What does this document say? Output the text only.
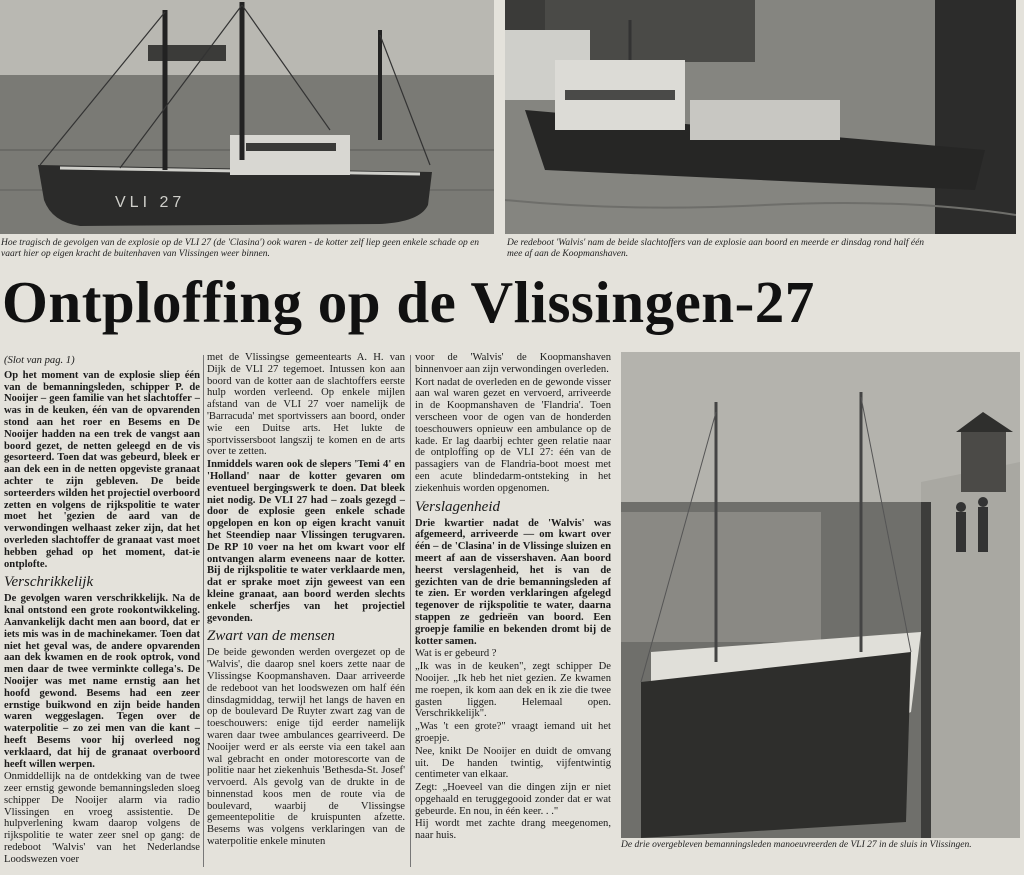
VLI 27
Hoe tragisch de gevolgen van de explosie op de VLI 27 (de 'Clasina') ook waren - de kotter zelf liep geen enkele schade op en vaart hier op eigen kracht de buitenhaven van Vlissingen weer binnen.
De redeboot 'Walvis' nam de beide slachtoffers van de explosie aan boord en meerde er dinsdag rond half één mee af aan de Koopmanshaven.
De drie overgebleven bemanningsleden manoeuvreerden de VLI 27 in de sluis in Vlissingen.
Ontploffing op de Vlissingen-27

(Slot van pag. 1)

Op het moment van de explosie sliep één van de bemanningsleden, schipper P. de Nooijer – geen familie van het slachtoffer – was in de keuken, één van de opvarenden stond aan het roer en Besems en De Nooijer hadden na een trek de vangst aan boord gezet, de netten geleegd en de vis gesorteerd. Toen dat was gebeurd, bleek er aan dek een in de netten opgeviste granaat achter te zijn gebleven. De beide sorteerders wilden het projectiel overboord zetten en volgens de rijkspolitie te water moet het 'gezien de aard van de verwondingen welhaast zeker zijn, dat het overleden slachtoffer de granaat vast moet hebben gehad op het moment, dat-ie ontplofte.

Verschrikkelijk

De gevolgen waren verschrikkelijk. Na de knal ontstond een grote rookontwikkeling. Aanvankelijk dacht men aan boord, dat er iets mis was in de machinekamer. Toen dat niet het geval was, de andere opvarenden aan dek kwamen en de rook optrok, vond men daar de twee verminkte collega's. De Nooijer was met name ernstig aan het hoofd gewond. Besems had een zeer ernstige buikwond en zijn beide handen waren weggeslagen. Tegen over de waterpolitie – zo zei men van die kant – heeft Besems voor hij overleed nog verklaard, dat hij de granaat overboord heeft willen werpen.

Onmiddellijk na de ontdekking van de twee zeer ernstig gewonde bemanningsleden sloeg schipper De Nooijer alarm via radio Vlissingen en vroeg assistentie. De hulpverlening kwam daarop volgens de rijkspolitie te water zeer snel op gang: de redeboot 'Walvis' van het Nederlandse Loodswezen voer

met de Vlissingse gemeentearts A. H. van Dijk de VLI 27 tegemoet. Intussen kon aan boord van de kotter aan de slachtoffers eerste hulp worden verleend. Op enkele mijlen afstand van de VLI 27 voer namelijk de 'Barracuda' met sportvissers aan boord, onder wie een Duitse arts. Het lukte de sportvissersboot langszij te komen en de arts over te zetten.

Inmiddels waren ook de slepers 'Temi 4' en 'Holland' naar de kotter gevaren om eventueel bergingswerk te doen. Dat bleek niet nodig. De VLI 27 had – zoals gezegd – door de explosie geen enkele schade opgelopen en kon op eigen kracht vanuit het Steendiep naar Vlissingen terugvaren. De RP 10 voer na het om kwart voor elf ontvangen alarm eveneens naar de kotter. Bij de rijkspolitie te water verklaarde men, dat er sprake moet zijn geweest van een kleine granaat, aan boord werden slechts enkele scherfjes van het projectiel gevonden.

Zwart van de mensen

De beide gewonden werden overgezet op de 'Walvis', die daarop snel koers zette naar de Vlissingse Koopmanshaven. Daar arriveerde de redeboot van het loodswezen om half één dinsdagmiddag, terwijl het langs de haven en op de boulevard De Ruyter zwart zag van de toeschouwers: enige tijd eerder namelijk waren daar twee ambulances gearriveerd. De Nooijer werd er als eerste via een takel aan wal gebracht en onder motorescorte van de politie naar het ziekenhuis 'Bethesda-St. Josef' vervoerd. Als gevolg van de drukte in de binnenstad koos men de route via de boulevard, waarbij de Vlissingse gemeentepolitie de kruispunten afzette. Besems was volgens verklaringen van de waterpolitie enkele minuten

voor de 'Walvis' de Koopmanshaven binnenvoer aan zijn verwondingen overleden.

Kort nadat de overleden en de gewonde visser aan wal waren gezet en vervoerd, arriveerde in de Koopmanshaven de 'Flandria'. Toen verscheen voor de ogen van de honderden toeschouwers opnieuw een ambulance op de kade. Er lag daarbij echter geen relatie naar de ontploffing op de VLI 27: één van de passagiers van de Flandria-boot moest met een acute blindedarm-ontsteking in het ziekenhuis worden opgenomen.

Verslagenheid

Drie kwartier nadat de 'Walvis' was afgemeerd, arriveerde — om kwart over één – de 'Clasina' in de Vlissinge sluizen en meert af aan de vissershaven. Aan boord heerst verslagenheid, het is van de gezichten van de drie bemanningsleden af te zien. Er worden verklaringen afgelegd tegenover de rijkspolitie te water, daarna stappen ze gedrieën van boord. Een groepje familie en bekenden dromt bij de kotter samen.

Wat is er gebeurd ?

„Ik was in de keuken", zegt schipper De Nooijer. „Ik heb het niet gezien. Ze kwamen me roepen, ik kom aan dek en ik zie die twee gasten liggen. Helemaal open. Verschrikkelijk".

„Was 't een grote?" vraagt iemand uit het groepje.

Nee, knikt De Nooijer en duidt de omvang uit. De handen twintig, vijfentwintig centimeter van elkaar.

Zegt: „Hoeveel van die dingen zijn er niet opgehaald en teruggegooid zonder dat er wat gebeurde. En nou, in één keer. . ."

Hij wordt met zachte drang meegenomen, naar huis.
